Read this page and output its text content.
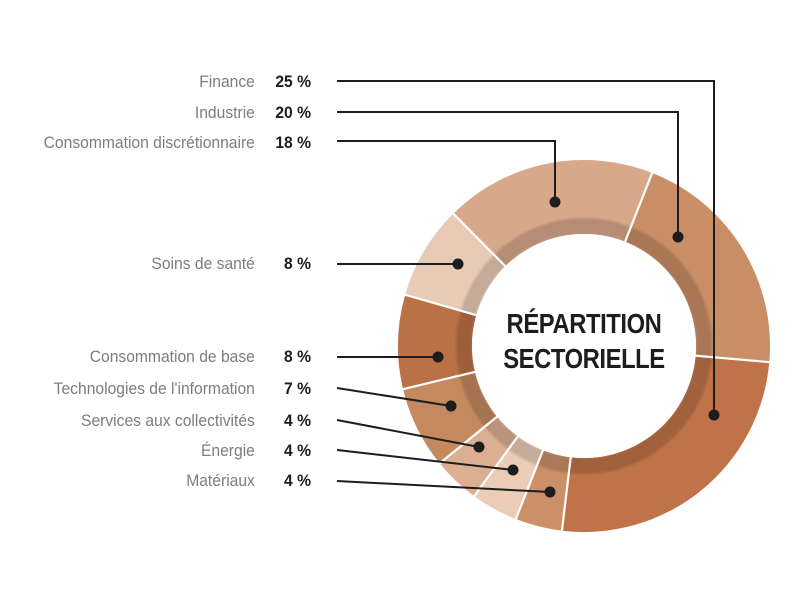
Finance	25 %
Industrie	20 %
Consommation discrétionnaire	18 %
Soins de santé	8 %
Consommation de base	8 %
Technologies de l'information	7 %
Services aux collectivités	4 %
Énergie	4 %
Matériaux	4 %
RÉPARTITION
SECTORIELLE
